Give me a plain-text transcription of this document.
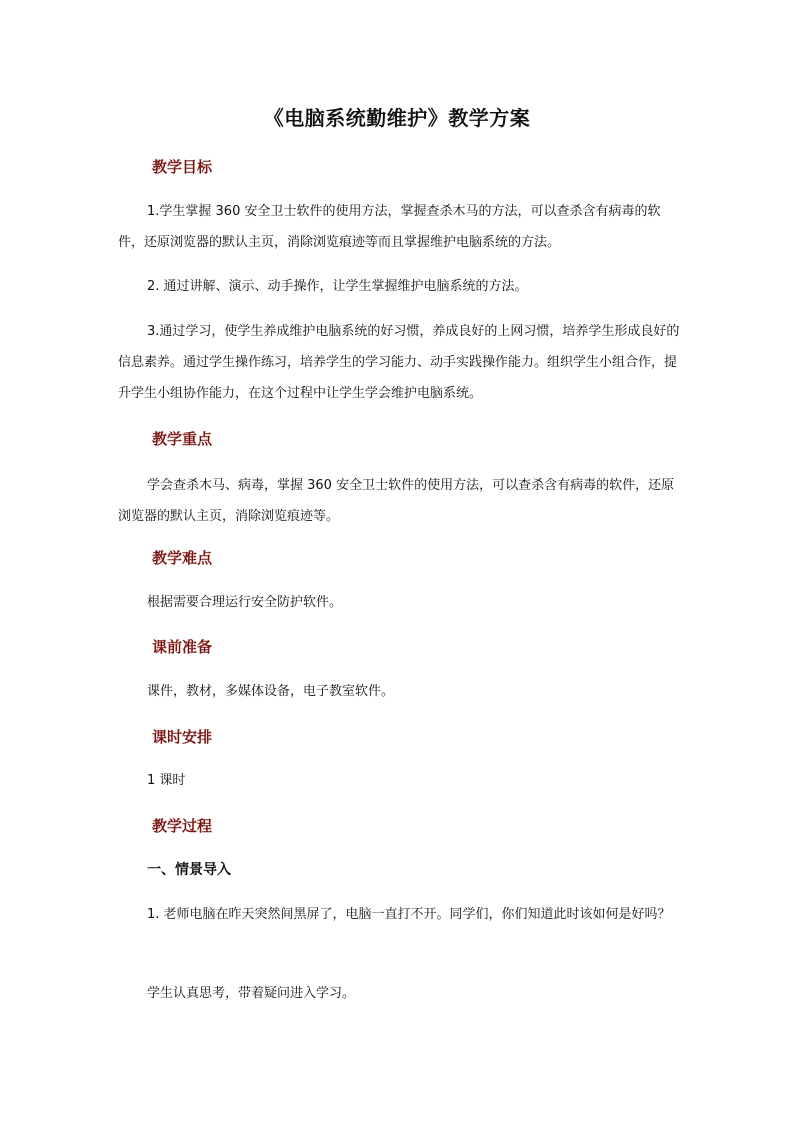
《电脑系统勤维护》教学方案
教学目标

1.学生掌握 360 安全卫士软件的使用方法，掌握查杀木马的方法，可以查杀含有病毒的软件，还原浏览器的默认主页，消除浏览痕迹等而且掌握维护电脑系统的方法。

2. 通过讲解、演示、动手操作，让学生掌握维护电脑系统的方法。

3.通过学习，使学生养成维护电脑系统的好习惯，养成良好的上网习惯，培养学生形成良好的信息素养。通过学生操作练习，培养学生的学习能力、动手实践操作能力。组织学生小组合作，提升学生小组协作能力，在这个过程中让学生学会维护电脑系统。

教学重点

学会查杀木马、病毒，掌握 360 安全卫士软件的使用方法，可以查杀含有病毒的软件，还原浏览器的默认主页，消除浏览痕迹等。

教学难点

根据需要合理运行安全防护软件。

课前准备

课件，教材，多媒体设备，电子教室软件。

课时安排

1 课时

教学过程
一、情景导入

1. 老师电脑在昨天突然间黑屏了，电脑一直打不开。同学们，你们知道此时该如何是好吗？

学生认真思考，带着疑问进入学习。
